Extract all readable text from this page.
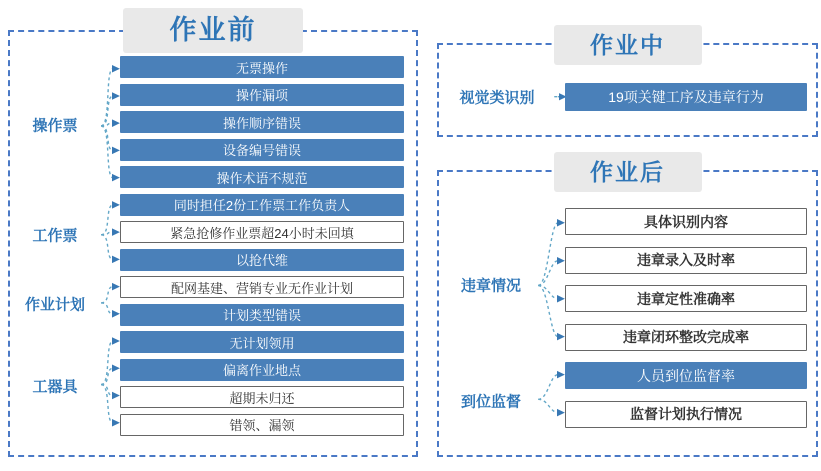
作业前
操作票
无票操作
操作漏项
操作顺序错误
设备编号错误
操作术语不规范
工作票
同时担任2份工作票工作负责人
紧急抢修作业票超24小时未回填
以抢代维
作业计划
配网基建、营销专业无作业计划
计划类型错误
工器具
无计划领用
偏离作业地点
超期未归还
错领、漏领
作业中
视觉类识别	19项关键工序及违章行为
作业后
违章情况
具体识别内容
违章录入及时率
违章定性准确率
违章闭环整改完成率
到位监督
人员到位监督率
监督计划执行情况
